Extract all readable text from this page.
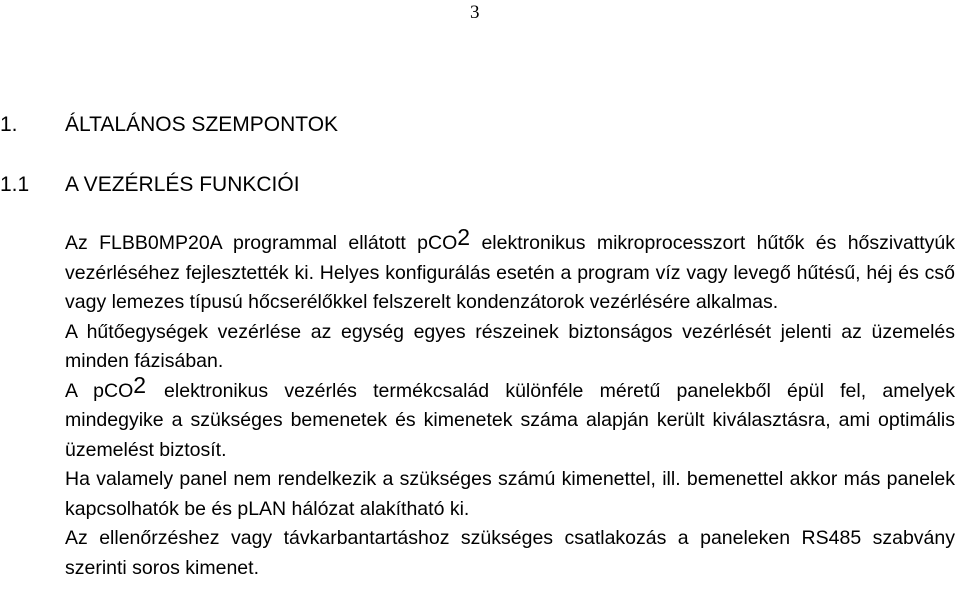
3
1. ÁLTALÁNOS SZEMPONTOK
1.1 A VEZÉRLÉS FUNKCIÓI

Az FLBB0MP20A programmal ellátott pCO2 elektronikus mikroprocesszort hűtők és hőszivattyúk vezérléséhez fejlesztették ki. Helyes konfigurálás esetén a program víz vagy levegő hűtésű, héj és cső vagy lemezes típusú hőcserélőkkel felszerelt kondenzátorok vezérlésére alkalmas.

A hűtőegységek vezérlése az egység egyes részeinek biztonságos vezérlését jelenti az üzemelés minden fázisában.

A pCO2 elektronikus vezérlés termékcsalád különféle méretű panelekből épül fel, amelyek mindegyike a szükséges bemenetek és kimenetek száma alapján került kiválasztásra, ami optimális üzemelést biztosít.

Ha valamely panel nem rendelkezik a szükséges számú kimenettel, ill. bemenettel akkor más panelek kapcsolhatók be és pLAN hálózat alakítható ki.

Az ellenőrzéshez vagy távkarbantartáshoz szükséges csatlakozás a paneleken RS485 szabvány szerinti soros kimenet.
